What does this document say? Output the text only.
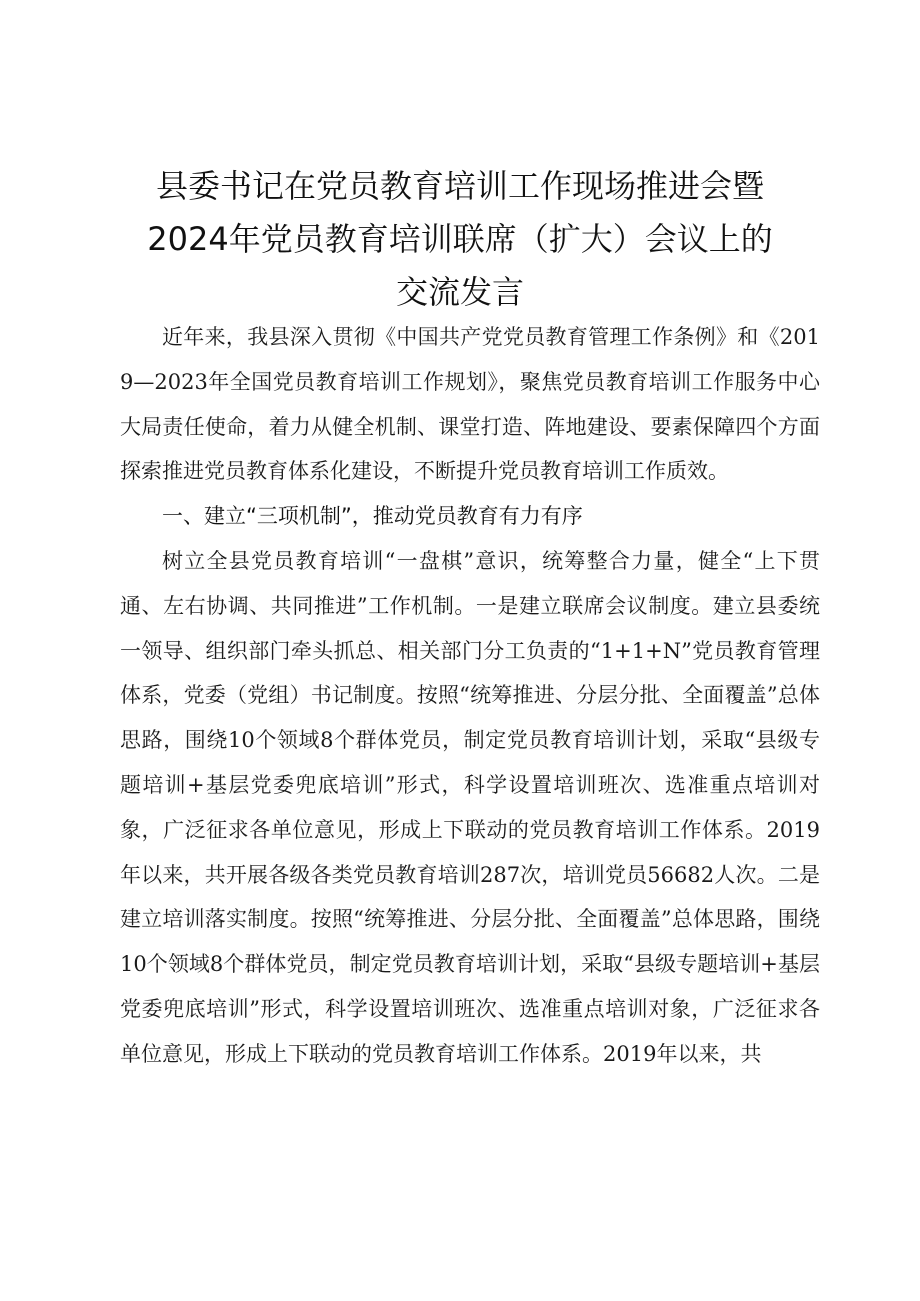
县委书记在党员教育培训工作现场推进会暨
2024年党员教育培训联席（扩大）会议上的
交流发言

近年来，我县深入贯彻《中国共产党党员教育管理工作条例》和《2019—2023年全国党员教育培训工作规划》，聚焦党员教育培训工作服务中心大局责任使命，着力从健全机制、课堂打造、阵地建设、要素保障四个方面探索推进党员教育体系化建设，不断提升党员教育培训工作质效。

一、建立“三项机制”，推动党员教育有力有序

树立全县党员教育培训“一盘棋”意识，统筹整合力量，健全“上下贯通、左右协调、共同推进”工作机制。一是建立联席会议制度。建立县委统一领导、组织部门牵头抓总、相关部门分工负责的“1+1+N”党员教育管理体系，党委（党组）书记制度。按照“统筹推进、分层分批、全面覆盖”总体思路，围绕10个领域8个群体党员，制定党员教育培训计划，采取“县级专题培训+基层党委兜底培训”形式，科学设置培训班次、选准重点培训对象，广泛征求各单位意见，形成上下联动的党员教育培训工作体系。2019年以来，共开展各级各类党员教育培训287次，培训党员56682人次。二是建立培训落实制度。按照“统筹推进、分层分批、全面覆盖”总体思路，围绕10个领域8个群体党员，制定党员教育培训计划，采取“县级专题培训+基层党委兜底培训”形式，科学设置培训班次、选准重点培训对象，广泛征求各单位意见，形成上下联动的党员教育培训工作体系。2019年以来，共
